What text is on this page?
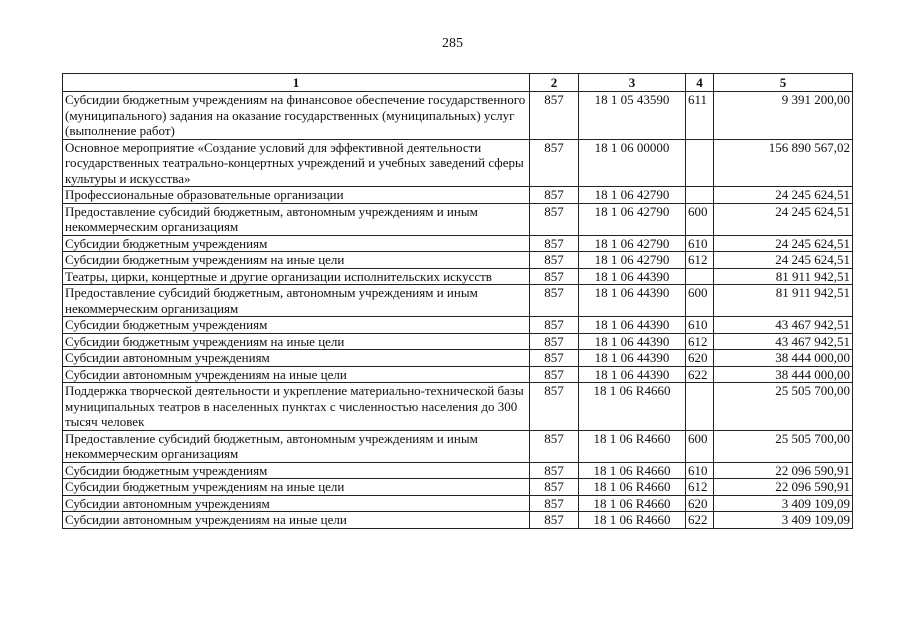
285
1	2	3	4	5
Субсидии бюджетным учреждениям на финансовое обеспечение государственного (муниципального) задания на оказание государственных (муниципальных) услуг (выполнение работ)	857	18 1 05 43590	611	9 391 200,00
Основное мероприятие «Создание условий для эффективной деятельности государственных театрально-концертных учреждений и учебных заведений сферы культуры и искусства»	857	18 1 06 00000		156 890 567,02
Профессиональные образовательные организации	857	18 1 06 42790		24 245 624,51
Предоставление субсидий бюджетным, автономным учреждениям и иным некоммерческим организациям	857	18 1 06 42790	600	24 245 624,51
Субсидии бюджетным учреждениям	857	18 1 06 42790	610	24 245 624,51
Субсидии бюджетным учреждениям на иные цели	857	18 1 06 42790	612	24 245 624,51
Театры, цирки, концертные и другие организации исполнительских искусств	857	18 1 06 44390		81 911 942,51
Предоставление субсидий бюджетным, автономным учреждениям и иным некоммерческим организациям	857	18 1 06 44390	600	81 911 942,51
Субсидии бюджетным учреждениям	857	18 1 06 44390	610	43 467 942,51
Субсидии бюджетным учреждениям на иные цели	857	18 1 06 44390	612	43 467 942,51
Субсидии автономным учреждениям	857	18 1 06 44390	620	38 444 000,00
Субсидии автономным учреждениям на иные цели	857	18 1 06 44390	622	38 444 000,00
Поддержка творческой деятельности и укрепление материально-технической базы муниципальных театров в населенных пунктах с численностью населения до 300 тысяч человек	857	18 1 06 R4660		25 505 700,00
Предоставление субсидий бюджетным, автономным учреждениям и иным некоммерческим организациям	857	18 1 06 R4660	600	25 505 700,00
Субсидии бюджетным учреждениям	857	18 1 06 R4660	610	22 096 590,91
Субсидии бюджетным учреждениям на иные цели	857	18 1 06 R4660	612	22 096 590,91
Субсидии автономным учреждениям	857	18 1 06 R4660	620	3 409 109,09
Субсидии автономным учреждениям на иные цели	857	18 1 06 R4660	622	3 409 109,09
